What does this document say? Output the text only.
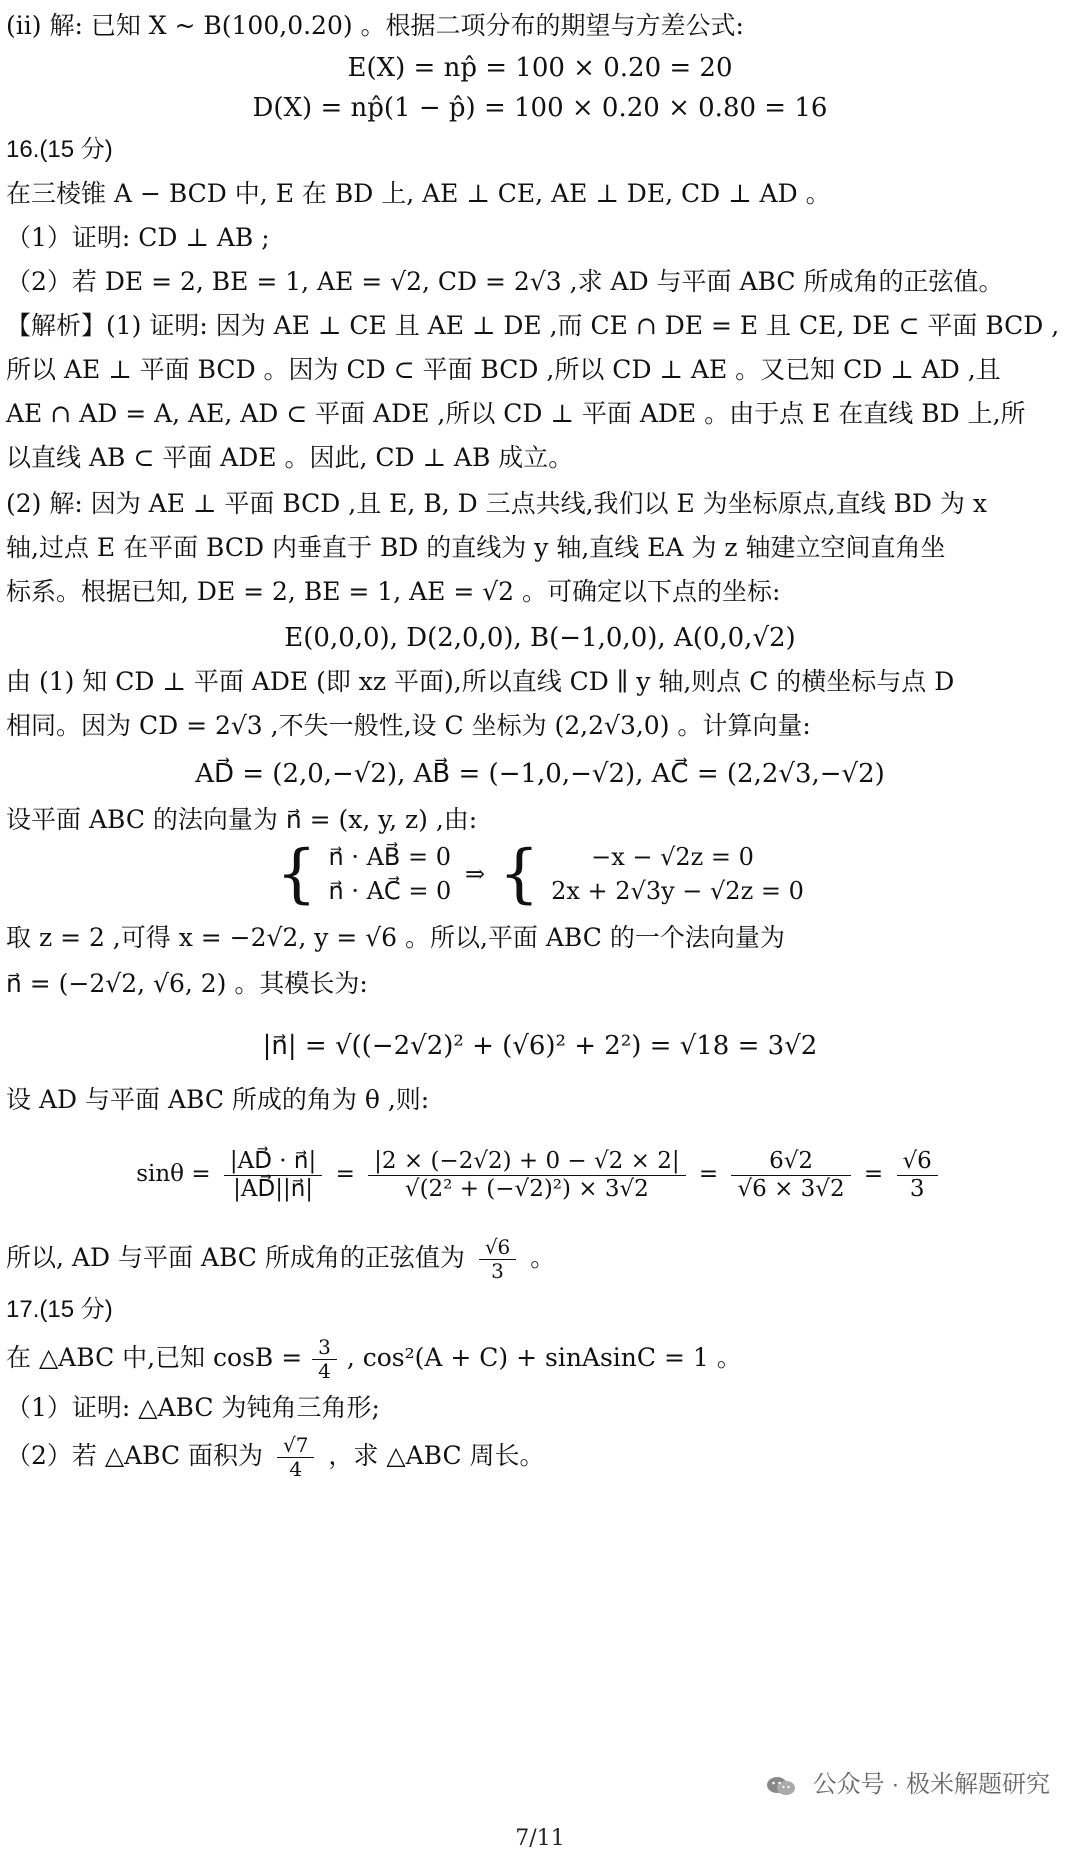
(ii) 解: 已知 X ~ B(100,0.20) 。根据二项分布的期望与方差公式:
E(X) = np̂ = 100 × 0.20 = 20
D(X) = np̂(1 − p̂) = 100 × 0.20 × 0.80 = 16
16.(15 分)
在三棱锥 A − BCD 中, E 在 BD 上, AE ⊥ CE, AE ⊥ DE, CD ⊥ AD 。
（1）证明: CD ⊥ AB ;
（2）若 DE = 2, BE = 1, AE = √2, CD = 2√3 ,求 AD 与平面 ABC 所成角的正弦值。
【解析】(1) 证明: 因为 AE ⊥ CE 且 AE ⊥ DE ,而 CE ∩ DE = E 且 CE, DE ⊂ 平面 BCD ,
所以 AE ⊥ 平面 BCD 。因为 CD ⊂ 平面 BCD ,所以 CD ⊥ AE 。又已知 CD ⊥ AD ,且
AE ∩ AD = A, AE, AD ⊂ 平面 ADE ,所以 CD ⊥ 平面 ADE 。由于点 E 在直线 BD 上,所
以直线 AB ⊂ 平面 ADE 。因此, CD ⊥ AB 成立。
(2) 解: 因为 AE ⊥ 平面 BCD ,且 E, B, D 三点共线,我们以 E 为坐标原点,直线 BD 为 x
轴,过点 E 在平面 BCD 内垂直于 BD 的直线为 y 轴,直线 EA 为 z 轴建立空间直角坐
标系。根据已知, DE = 2, BE = 1, AE = √2 。可确定以下点的坐标:
E(0,0,0), D(2,0,0), B(−1,0,0), A(0,0,√2)
由 (1) 知 CD ⊥ 平面 ADE (即 xz 平面),所以直线 CD ∥ y 轴,则点 C 的横坐标与点 D
相同。因为 CD = 2√3 ,不失一般性,设 C 坐标为 (2,2√3,0) 。计算向量:
AD⃗ = (2,0,−√2), AB⃗ = (−1,0,−√2), AC⃗ = (2,2√3,−√2)
设平面 ABC 的法向量为 n⃗ = (x, y, z) ,由:
{ n⃗ · AB⃗ = 0
n⃗ · AC⃗ = 0
⇒ {	−x − √2z = 0
2x + 2√3y − √2z = 0
取 z = 2 ,可得 x = −2√2, y = √6 。所以,平面 ABC 的一个法向量为
n⃗ = (−2√2, √6, 2) 。其模长为:
|n⃗| = √((−2√2)² + (√6)² + 2²) = √18 = 3√2
设 AD 与平面 ABC 所成的角为 θ ,则:
$\sin\theta = \frac{|AD⃗ \cdot n⃗|}{|AD⃗||n⃗|} = \frac{|2 \times (-2√2) + 0 - √2 \times 2|}{\text{√(2² + (−√2)²) × 3√2}} = \frac{6√2}{√6 \times 3√2} = \frac{√6}{3}$
所以, AD 与平面 ABC 所成角的正弦值为 $\frac{√6}{3}$ 。
17.(15 分)
在 △ABC 中,已知 $\cos B = \frac{3}{4}$ , cos²(A + C) + sinAsinC = 1 。
（1）证明: △ABC 为钝角三角形;
（2）若 △ABC 面积为 $\frac{√7}{4}$ ，求 △ABC 周长。
公众号 · 极米解题研究
7/11
